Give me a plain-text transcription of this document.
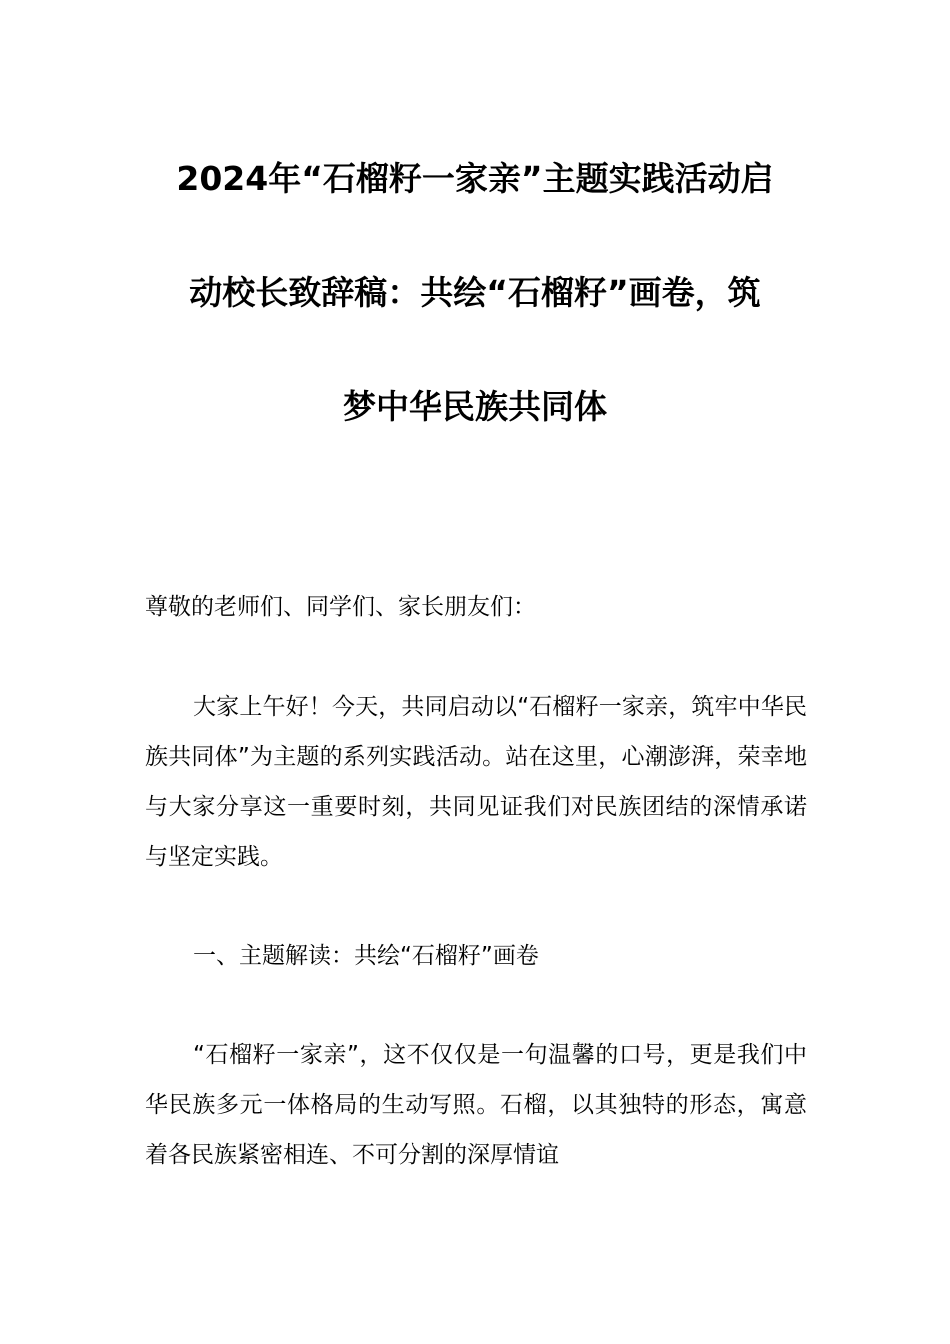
2024年“石榴籽一家亲”主题实践活动启
动校长致辞稿：共绘“石榴籽”画卷，筑
梦中华民族共同体

尊敬的老师们、同学们、家长朋友们：

大家上午好！今天，共同启动以“石榴籽一家亲，筑牢中华民族共同体”为主题的系列实践活动。站在这里，心潮澎湃，荣幸地与大家分享这一重要时刻，共同见证我们对民族团结的深情承诺与坚定实践。

一、主题解读：共绘“石榴籽”画卷

“石榴籽一家亲”，这不仅仅是一句温馨的口号，更是我们中华民族多元一体格局的生动写照。石榴，以其独特的形态，寓意着各民族紧密相连、不可分割的深厚情谊
